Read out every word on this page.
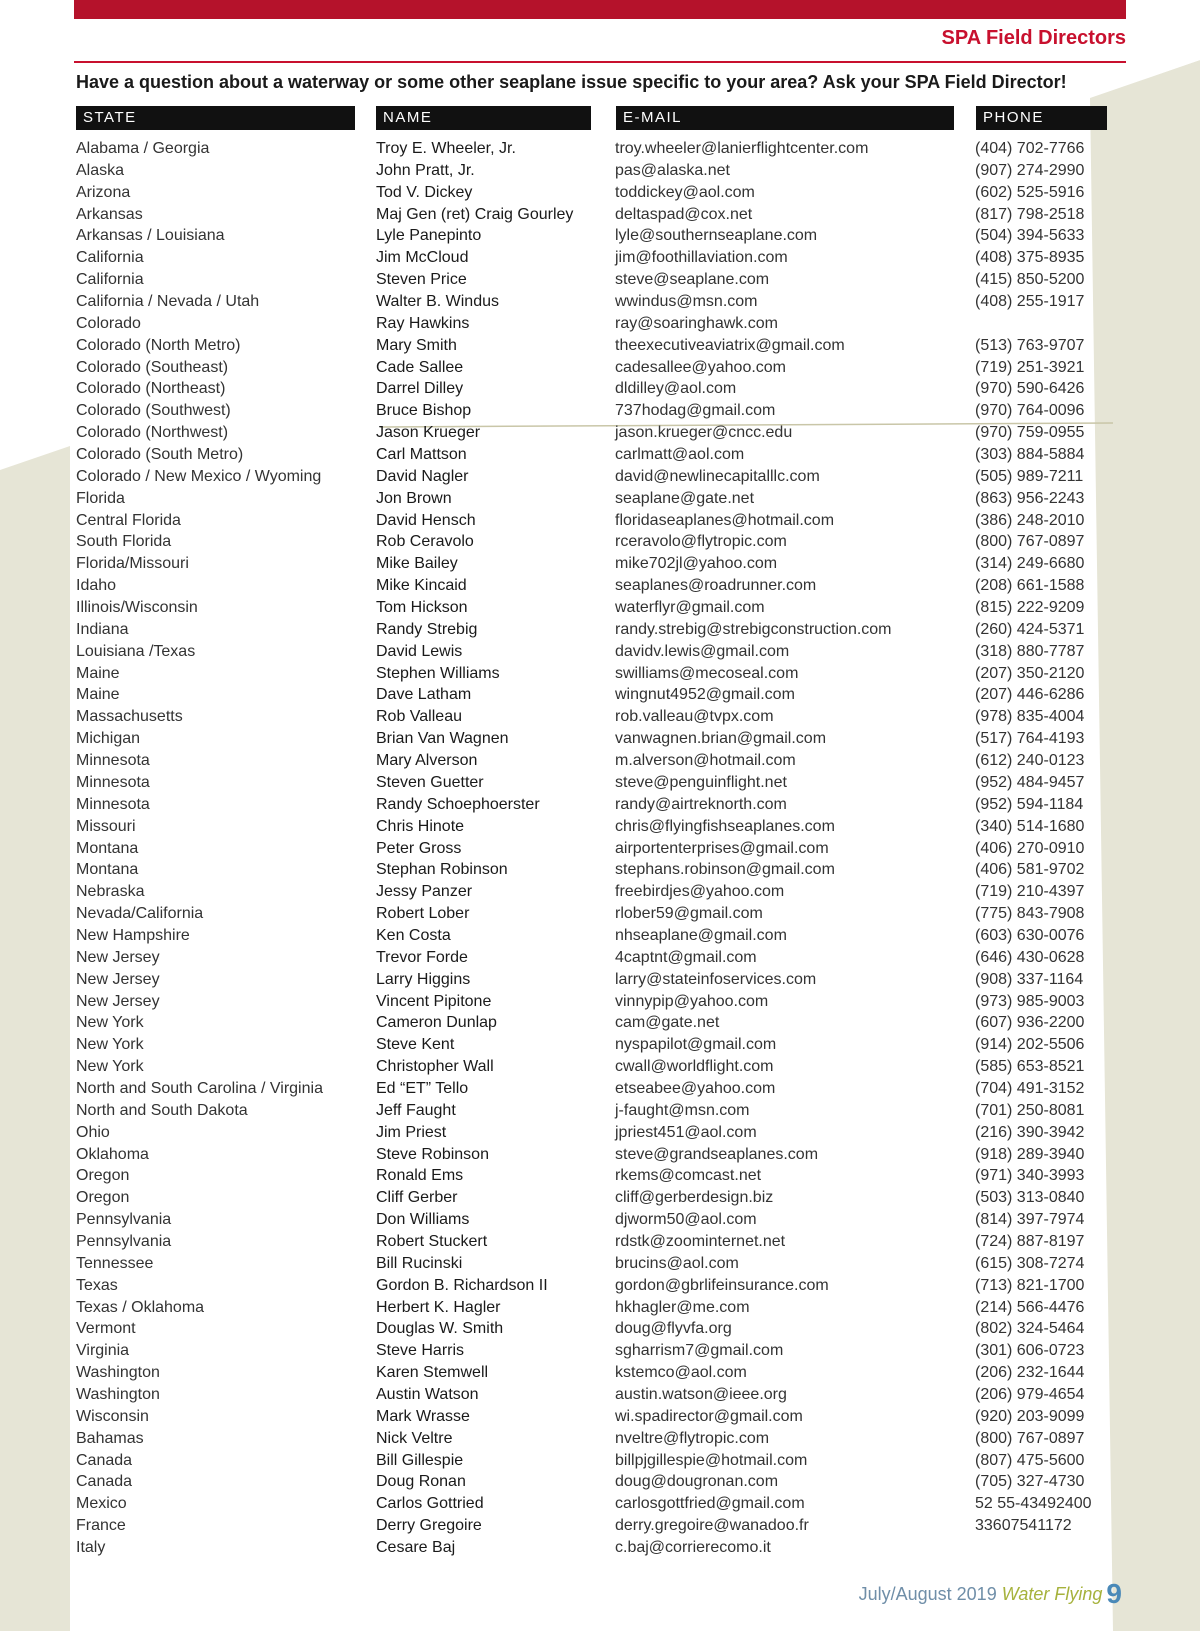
SPA Field Directors
Have a question about a waterway or some other seaplane issue specific to your area? Ask your SPA Field Director!
STATE	NAME	E-MAIL	PHONE
Alabama / Georgia	Troy E. Wheeler, Jr.	troy.wheeler@lanierflightcenter.com	(404) 702-7766
Alaska	John Pratt, Jr.	pas@alaska.net	(907) 274-2990
Arizona	Tod V. Dickey	toddickey@aol.com	(602) 525-5916
Arkansas	Maj Gen (ret) Craig Gourley	deltaspad@cox.net	(817) 798-2518
Arkansas / Louisiana	Lyle Panepinto	lyle@southernseaplane.com	(504) 394-5633
California	Jim McCloud	jim@foothillaviation.com	(408) 375-8935
California	Steven Price	steve@seaplane.com	(415) 850-5200
California / Nevada / Utah	Walter B. Windus	wwindus@msn.com	(408) 255-1917
Colorado	Ray Hawkins	ray@soaringhawk.com
Colorado (North Metro)	Mary Smith	theexecutiveaviatrix@gmail.com	(513) 763-9707
Colorado (Southeast)	Cade Sallee	cadesallee@yahoo.com	(719) 251-3921
Colorado (Northeast)	Darrel Dilley	dldilley@aol.com	(970) 590-6426
Colorado (Southwest)	Bruce Bishop	737hodag@gmail.com	(970) 764-0096
Colorado (Northwest)	Jason Krueger	jason.krueger@cncc.edu	(970) 759-0955
Colorado (South Metro)	Carl Mattson	carlmatt@aol.com	(303) 884-5884
Colorado / New Mexico / Wyoming	David Nagler	david@newlinecapitalllc.com	(505) 989-7211
Florida	Jon Brown	seaplane@gate.net	(863) 956-2243
Central Florida	David Hensch	floridaseaplanes@hotmail.com	(386) 248-2010
South Florida	Rob Ceravolo	rceravolo@flytropic.com	(800) 767-0897
Florida/Missouri	Mike Bailey	mike702jl@yahoo.com	(314) 249-6680
Idaho	Mike Kincaid	seaplanes@roadrunner.com	(208) 661-1588
Illinois/Wisconsin	Tom Hickson	waterflyr@gmail.com	(815) 222-9209
Indiana	Randy Strebig	randy.strebig@strebigconstruction.com	(260) 424-5371
Louisiana /Texas	David Lewis	davidv.lewis@gmail.com	(318) 880-7787
Maine	Stephen Williams	swilliams@mecoseal.com	(207) 350-2120
Maine	Dave Latham	wingnut4952@gmail.com	(207) 446-6286
Massachusetts	Rob Valleau	rob.valleau@tvpx.com	(978) 835-4004
Michigan	Brian Van Wagnen	vanwagnen.brian@gmail.com	(517) 764-4193
Minnesota	Mary Alverson	m.alverson@hotmail.com	(612) 240-0123
Minnesota	Steven Guetter	steve@penguinflight.net	(952) 484-9457
Minnesota	Randy Schoephoerster	randy@airtreknorth.com	(952) 594-1184
Missouri	Chris Hinote	chris@flyingfishseaplanes.com	(340) 514-1680
Montana	Peter Gross	airportenterprises@gmail.com	(406) 270-0910
Montana	Stephan Robinson	stephans.robinson@gmail.com	(406) 581-9702
Nebraska	Jessy Panzer	freebirdjes@yahoo.com	(719) 210-4397
Nevada/California	Robert Lober	rlober59@gmail.com	(775) 843-7908
New Hampshire	Ken Costa	nhseaplane@gmail.com	(603) 630-0076
New Jersey	Trevor Forde	4captnt@gmail.com	(646) 430-0628
New Jersey	Larry Higgins	larry@stateinfoservices.com	(908) 337-1164
New Jersey	Vincent Pipitone	vinnypip@yahoo.com	(973) 985-9003
New York	Cameron Dunlap	cam@gate.net	(607) 936-2200
New York	Steve Kent	nyspapilot@gmail.com	(914) 202-5506
New York	Christopher Wall	cwall@worldflight.com	(585) 653-8521
North and South Carolina / Virginia	Ed “ET” Tello	etseabee@yahoo.com	(704) 491-3152
North and South Dakota	Jeff Faught	j-faught@msn.com	(701) 250-8081
Ohio	Jim Priest	jpriest451@aol.com	(216) 390-3942
Oklahoma	Steve Robinson	steve@grandseaplanes.com	(918) 289-3940
Oregon	Ronald Ems	rkems@comcast.net	(971) 340-3993
Oregon	Cliff Gerber	cliff@gerberdesign.biz	(503) 313-0840
Pennsylvania	Don Williams	djworm50@aol.com	(814) 397-7974
Pennsylvania	Robert Stuckert	rdstk@zoominternet.net	(724) 887-8197
Tennessee	Bill Rucinski	brucins@aol.com	(615) 308-7274
Texas	Gordon B. Richardson II	gordon@gbrlifeinsurance.com	(713) 821-1700
Texas / Oklahoma	Herbert K. Hagler	hkhagler@me.com	(214) 566-4476
Vermont	Douglas W. Smith	doug@flyvfa.org	(802) 324-5464
Virginia	Steve Harris	sgharrism7@gmail.com	(301) 606-0723
Washington	Karen Stemwell	kstemco@aol.com	(206) 232-1644
Washington	Austin Watson	austin.watson@ieee.org	(206) 979-4654
Wisconsin	Mark Wrasse	wi.spadirector@gmail.com	(920) 203-9099
Bahamas	Nick Veltre	nveltre@flytropic.com	(800) 767-0897
Canada	Bill Gillespie	billpjgillespie@hotmail.com	(807) 475-5600
Canada	Doug Ronan	doug@dougronan.com	(705) 327-4730
Mexico	Carlos Gottried	carlosgottfried@gmail.com	52 55-43492400
France	Derry Gregoire	derry.gregoire@wanadoo.fr	33607541172
Italy	Cesare Baj	c.baj@corrierecomo.it
July/August 2019 Water Flying 9
